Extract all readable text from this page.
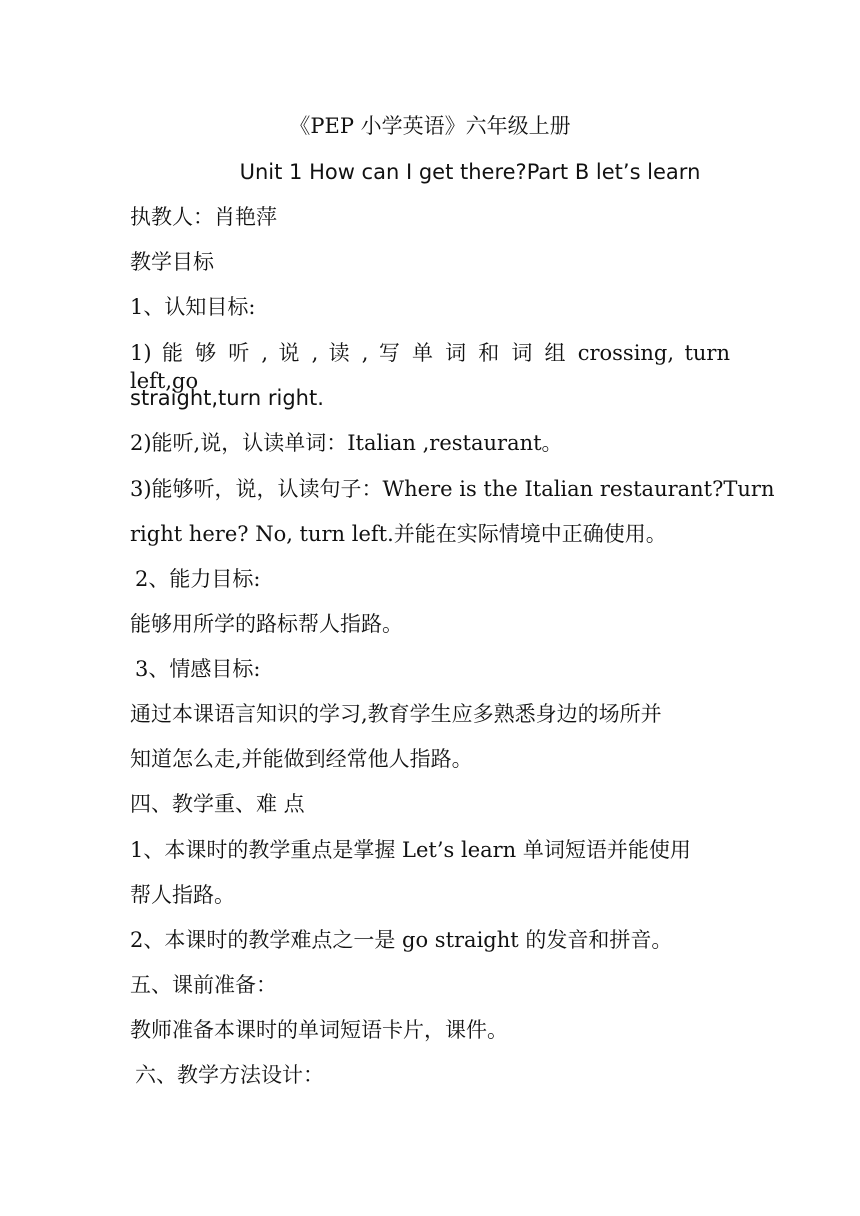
《PEP 小学英语》六年级上册
Unit 1 How can I get there?Part B let’s learn
执教人：肖艳萍
教学目标
1、认知目标:
1) 能 够 听 , 说 , 读 , 写 单 词 和 词 组 crossing, turn left,go
straight,turn right.
2)能听,说，认读单词：Italian ,restaurant。
3)能够听，说，认读句子：Where is the Italian restaurant?Turn
right here? No, turn left.并能在实际情境中正确使用。
2、能力目标:
能够用所学的路标帮人指路。
3、情感目标:
通过本课语言知识的学习,教育学生应多熟悉身边的场所并
知道怎么走,并能做到经常他人指路。
四、教学重、难 点
1、本课时的教学重点是掌握 Let’s learn 单词短语并能使用
帮人指路。
2、本课时的教学难点之一是 go straight 的发音和拼音。
五、课前准备：
教师准备本课时的单词短语卡片，课件。
六、教学方法设计：
